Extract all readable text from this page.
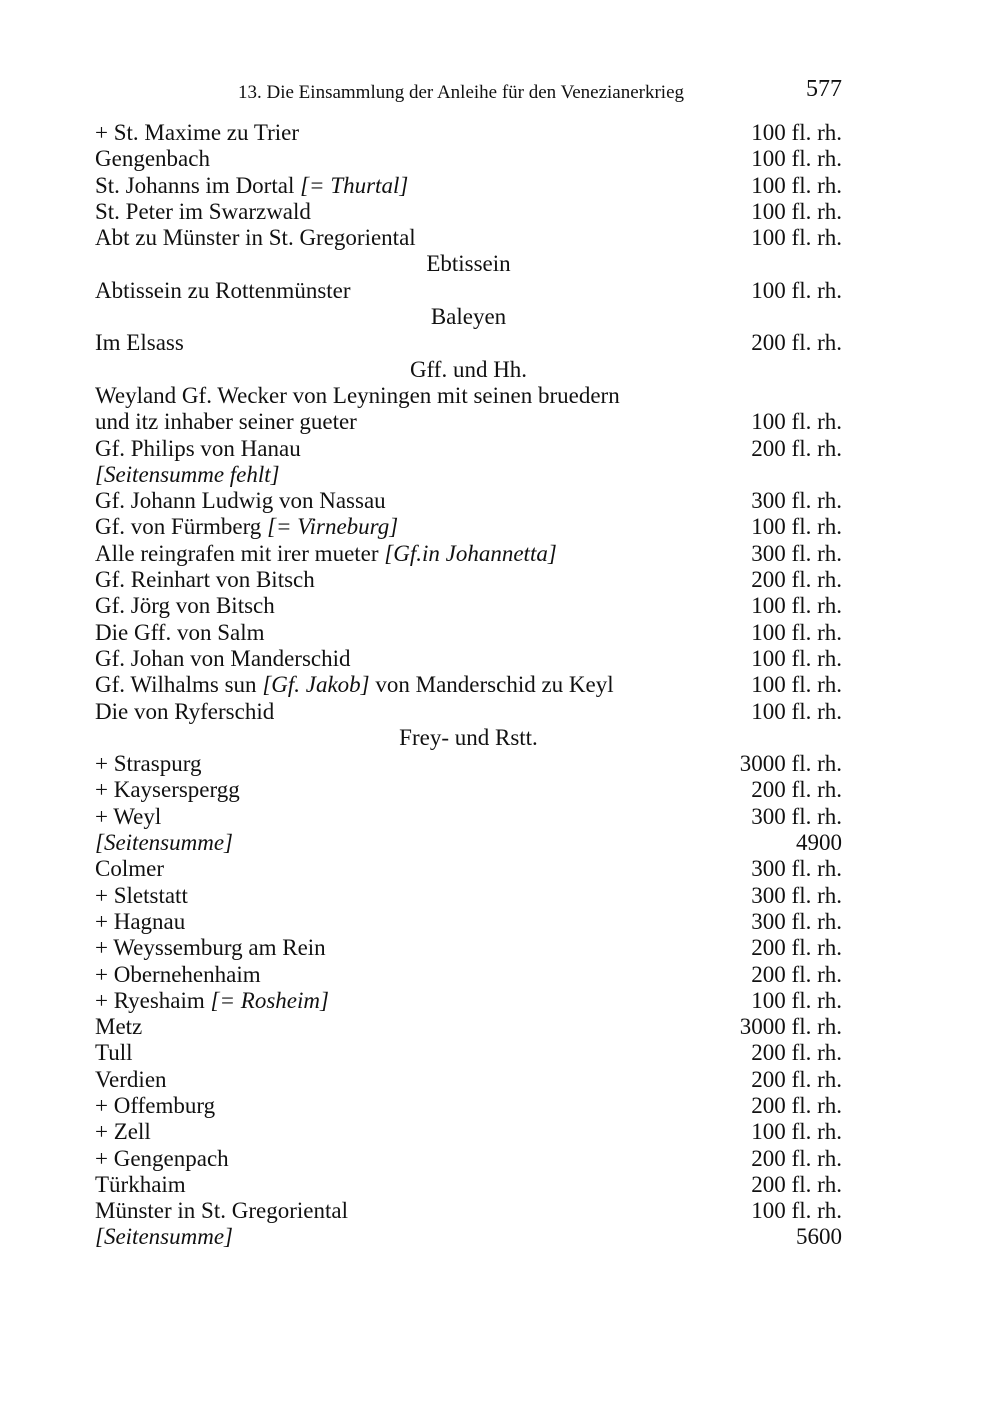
13. Die Einsammlung der Anleihe für den Venezianerkrieg	577
+ St. Maxime zu Trier	100 fl. rh.
Gengenbach	100 fl. rh.
St. Johanns im Dortal [= Thurtal]	100 fl. rh.
St. Peter im Swarzwald	100 fl. rh.
Abt zu Münster in St. Gregoriental	100 fl. rh.
Ebtissein
Abtissein zu Rottenmünster	100 fl. rh.
Baleyen
Im Elsass	200 fl. rh.
Gff. und Hh.
Weyland Gf. Wecker von Leyningen mit seinen bruedern
und itz inhaber seiner gueter	100 fl. rh.
Gf. Philips von Hanau	200 fl. rh.
[Seitensumme fehlt]
Gf. Johann Ludwig von Nassau	300 fl. rh.
Gf. von Fürmberg [= Virneburg]	100 fl. rh.
Alle reingrafen mit irer mueter [Gf.in Johannetta]	300 fl. rh.
Gf. Reinhart von Bitsch	200 fl. rh.
Gf. Jörg von Bitsch	100 fl. rh.
Die Gff. von Salm	100 fl. rh.
Gf. Johan von Manderschid	100 fl. rh.
Gf. Wilhalms sun [Gf. Jakob] von Manderschid zu Keyl	100 fl. rh.
Die von Ryferschid	100 fl. rh.
Frey- und Rstt.
+ Straspurg	3000 fl. rh.
+ Kayserspergg	200 fl. rh.
+ Weyl	300 fl. rh.
[Seitensumme]	4900
Colmer	300 fl. rh.
+ Sletstatt	300 fl. rh.
+ Hagnau	300 fl. rh.
+ Weyssemburg am Rein	200 fl. rh.
+ Obernehenhaim	200 fl. rh.
+ Ryeshaim [= Rosheim]	100 fl. rh.
Metz	3000 fl. rh.
Tull	200 fl. rh.
Verdien	200 fl. rh.
+ Offemburg	200 fl. rh.
+ Zell	100 fl. rh.
+ Gengenpach	200 fl. rh.
Türkhaim	200 fl. rh.
Münster in St. Gregoriental	100 fl. rh.
[Seitensumme]	5600
